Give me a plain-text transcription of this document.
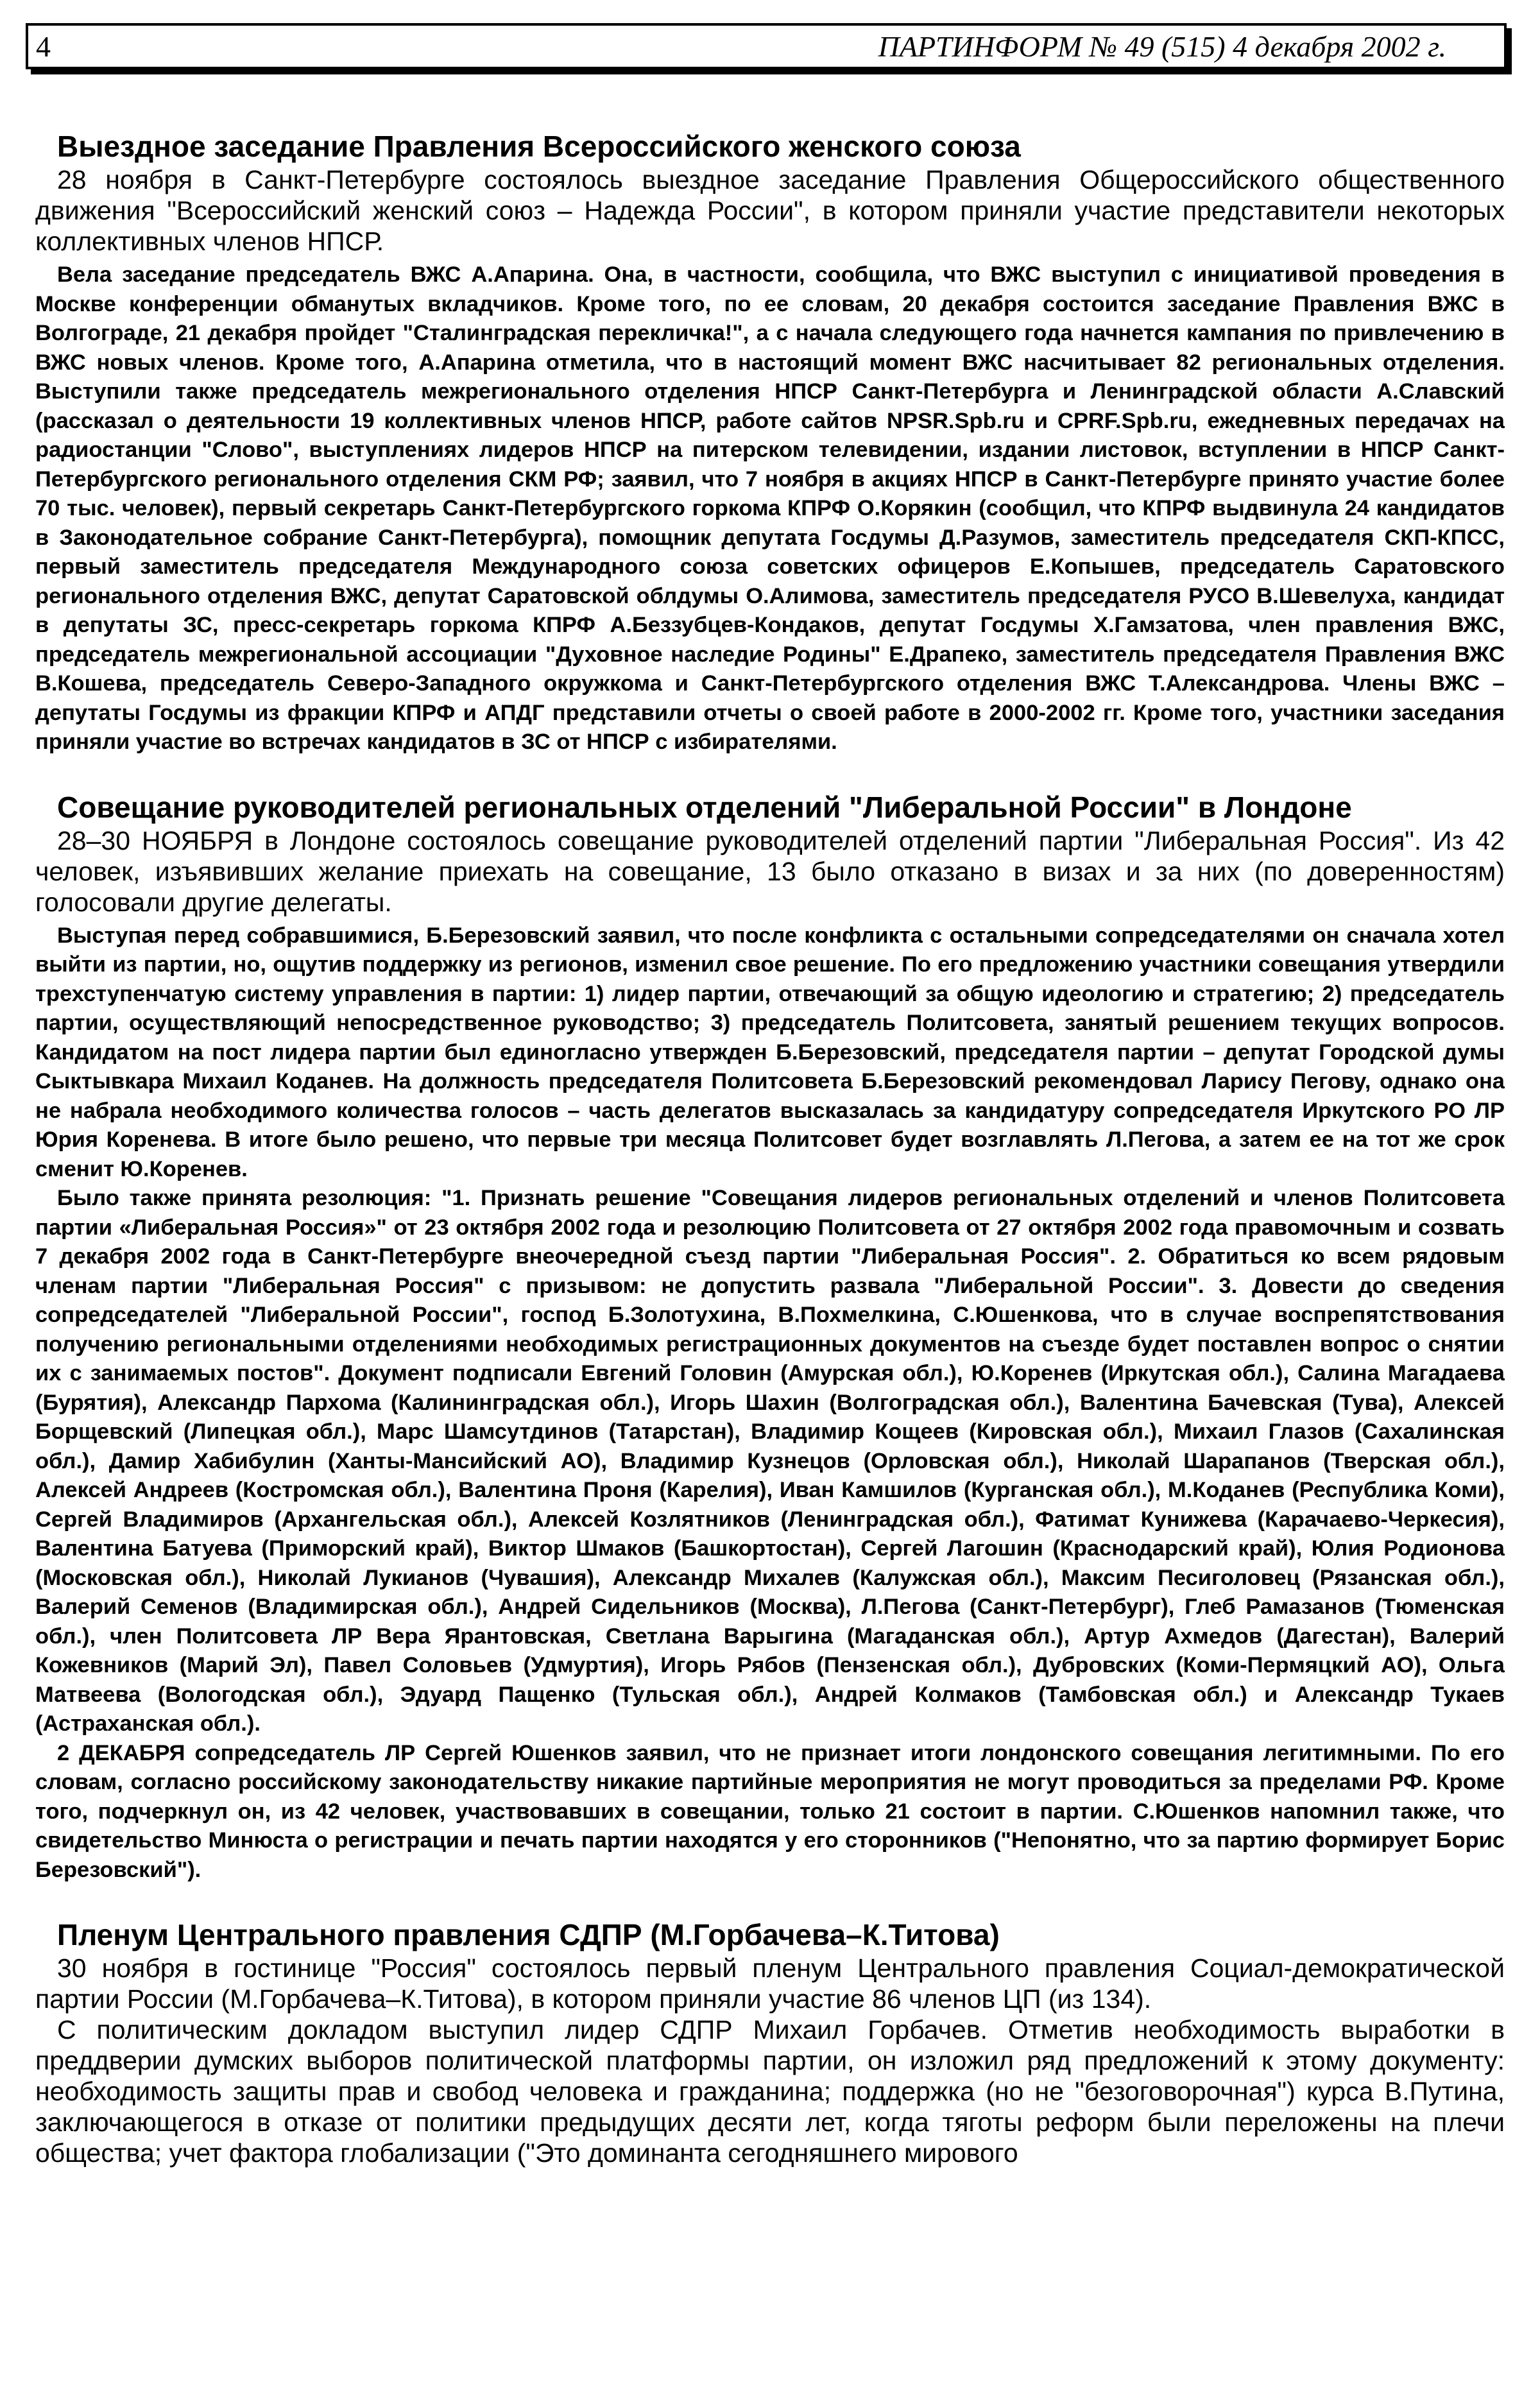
4	ПАРТИНФОРМ № 49 (515) 4 декабря 2002 г.
Выездное заседание Правления Всероссийского женского союза

28 ноября в Санкт-Петербурге состоялось выездное заседание Правления Общероссийского общественного движения "Всероссийский женский союз – Надежда России", в котором приняли участие представители некоторых коллективных членов НПСР.

Вела заседание председатель ВЖС А.Апарина. Она, в частности, сообщила, что ВЖС выступил с инициативой проведения в Москве конференции обманутых вкладчиков. Кроме того, по ее словам, 20 декабря состоится заседание Правления ВЖС в Волгограде, 21 декабря пройдет "Сталинградская перекличка!", а с начала следующего года начнется кампания по привлечению в ВЖС новых членов. Кроме того, А.Апарина отметила, что в настоящий момент ВЖС насчитывает 82 региональных отделения. Выступили также председатель межрегионального отделения НПСР Санкт-Петербурга и Ленинградской области А.Славский (рассказал о деятельности 19 коллективных членов НПСР, работе сайтов NPSR.Spb.ru и CPRF.Spb.ru, ежедневных передачах на радиостанции "Слово", выступлениях лидеров НПСР на питерском телевидении, издании листовок, вступлении в НПСР Санкт-Петербургского регионального отделения СКМ РФ; заявил, что 7 ноября в акциях НПСР в Санкт-Петербурге принято участие более 70 тыс. человек), первый секретарь Санкт-Петербургского горкома КПРФ О.Корякин (сообщил, что КПРФ выдвинула 24 кандидатов в Законодательное собрание Санкт-Петербурга), помощник депутата Госдумы Д.Разумов, заместитель председателя СКП-КПСС, первый заместитель председателя Международного союза советских офицеров Е.Копышев, председатель Саратовского регионального отделения ВЖС, депутат Саратовской облдумы О.Алимова, заместитель председателя РУСО В.Шевелуха, кандидат в депутаты ЗС, пресс-секретарь горкома КПРФ А.Беззубцев-Кондаков, депутат Госдумы Х.Гамзатова, член правления ВЖС, председатель межрегиональной ассоциации "Духовное наследие Родины" Е.Драпеко, заместитель председателя Правления ВЖС В.Кошева, председатель Северо-Западного окружкома и Санкт-Петербургского отделения ВЖС Т.Александрова. Члены ВЖС – депутаты Госдумы из фракции КПРФ и АПДГ представили отчеты о своей работе в 2000-2002 гг. Кроме того, участники заседания приняли участие во встречах кандидатов в ЗС от НПСР с избирателями.

Совещание руководителей региональных отделений "Либеральной России" в Лондоне

28–30 НОЯБРЯ в Лондоне состоялось совещание руководителей отделений партии "Либеральная Россия". Из 42 человек, изъявивших желание приехать на совещание, 13 было отказано в визах и за них (по доверенностям) голосовали другие делегаты.

Выступая перед собравшимися, Б.Березовский заявил, что после конфликта с остальными сопредседателями он сначала хотел выйти из партии, но, ощутив поддержку из регионов, изменил свое решение. По его предложению участники совещания утвердили трехступенчатую систему управления в партии: 1) лидер партии, отвечающий за общую идеологию и стратегию; 2) председатель партии, осуществляющий непосредственное руководство; 3) председатель Политсовета, занятый решением текущих вопросов. Кандидатом на пост лидера партии был единогласно утвержден Б.Березовский, председателя партии – депутат Городской думы Сыктывкара Михаил Коданев. На должность председателя Политсовета Б.Березовский рекомендовал Ларису Пегову, однако она не набрала необходимого количества голосов – часть делегатов высказалась за кандидатуру сопредседателя Иркутского РО ЛР Юрия Коренева. В итоге было решено, что первые три месяца Политсовет будет возглавлять Л.Пегова, а затем ее на тот же срок сменит Ю.Коренев.

Было также принята резолюция: "1. Признать решение "Совещания лидеров региональных отделений и членов Политсовета партии «Либеральная Россия»" от 23 октября 2002 года и резолюцию Политсовета от 27 октября 2002 года правомочным и созвать 7 декабря 2002 года в Санкт-Петербурге внеочередной съезд партии "Либеральная Россия". 2. Обратиться ко всем рядовым членам партии "Либеральная Россия" с призывом: не допустить развала "Либеральной России". 3. Довести до сведения сопредседателей "Либеральной России", господ Б.Золотухина, В.Похмелкина, С.Юшенкова, что в случае воспрепятствования получению региональными отделениями необходимых регистрационных документов на съезде будет поставлен вопрос о снятии их с занимаемых постов". Документ подписали Евгений Головин (Амурская обл.), Ю.Коренев (Иркутская обл.), Салина Магадаева (Бурятия), Александр Пархома (Калининградская обл.), Игорь Шахин (Волгоградская обл.), Валентина Бачевская (Тува), Алексей Борщевский (Липецкая обл.), Марс Шамсутдинов (Татарстан), Владимир Кощеев (Кировская обл.), Михаил Глазов (Сахалинская обл.), Дамир Хабибулин (Ханты-Мансийский АО), Владимир Кузнецов (Орловская обл.), Николай Шарапанов (Тверская обл.), Алексей Андреев (Костромская обл.), Валентина Проня (Карелия), Иван Камшилов (Курганская обл.), М.Коданев (Республика Коми), Сергей Владимиров (Архангельская обл.), Алексей Козлятников (Ленинградская обл.), Фатимат Кунижева (Карачаево-Черкесия), Валентина Батуева (Приморский край), Виктор Шмаков (Башкортостан), Сергей Лагошин (Краснодарский край), Юлия Родионова (Московская обл.), Николай Лукианов (Чувашия), Александр Михалев (Калужская обл.), Максим Песиголовец (Рязанская обл.), Валерий Семенов (Владимирская обл.), Андрей Сидельников (Москва), Л.Пегова (Санкт-Петербург), Глеб Рамазанов (Тюменская обл.), член Политсовета ЛР Вера Ярантовская, Светлана Варыгина (Магаданская обл.), Артур Ахмедов (Дагестан), Валерий Кожевников (Марий Эл), Павел Соловьев (Удмуртия), Игорь Рябов (Пензенская обл.), Дубровских (Коми-Пермяцкий АО), Ольга Матвеева (Вологодская обл.), Эдуард Пащенко (Тульская обл.), Андрей Колмаков (Тамбовская обл.) и Александр Тукаев (Астраханская обл.).

2 ДЕКАБРЯ сопредседатель ЛР Сергей Юшенков заявил, что не признает итоги лондонского совещания легитимными. По его словам, согласно российскому законодательству никакие партийные мероприятия не могут проводиться за пределами РФ. Кроме того, подчеркнул он, из 42 человек, участвовавших в совещании, только 21 состоит в партии. С.Юшенков напомнил также, что свидетельство Минюста о регистрации и печать партии находятся у его сторонников ("Непонятно, что за партию формирует Борис Березовский").

Пленум Центрального правления СДПР (М.Горбачева–К.Титова)

30 ноября в гостинице "Россия" состоялось первый пленум Центрального правления Социал-демократической партии России (М.Горбачева–К.Титова), в котором приняли участие 86 членов ЦП (из 134).

С политическим докладом выступил лидер СДПР Михаил Горбачев. Отметив необходимость выработки в преддверии думских выборов политической платформы партии, он изложил ряд предложений к этому документу: необходимость защиты прав и свобод человека и гражданина; поддержка (но не "безоговорочная") курса В.Путина, заключающегося в отказе от политики предыдущих десяти лет, когда тяготы реформ были переложены на плечи общества; учет фактора глобализации ("Это доминанта сегодняшнего мирового
